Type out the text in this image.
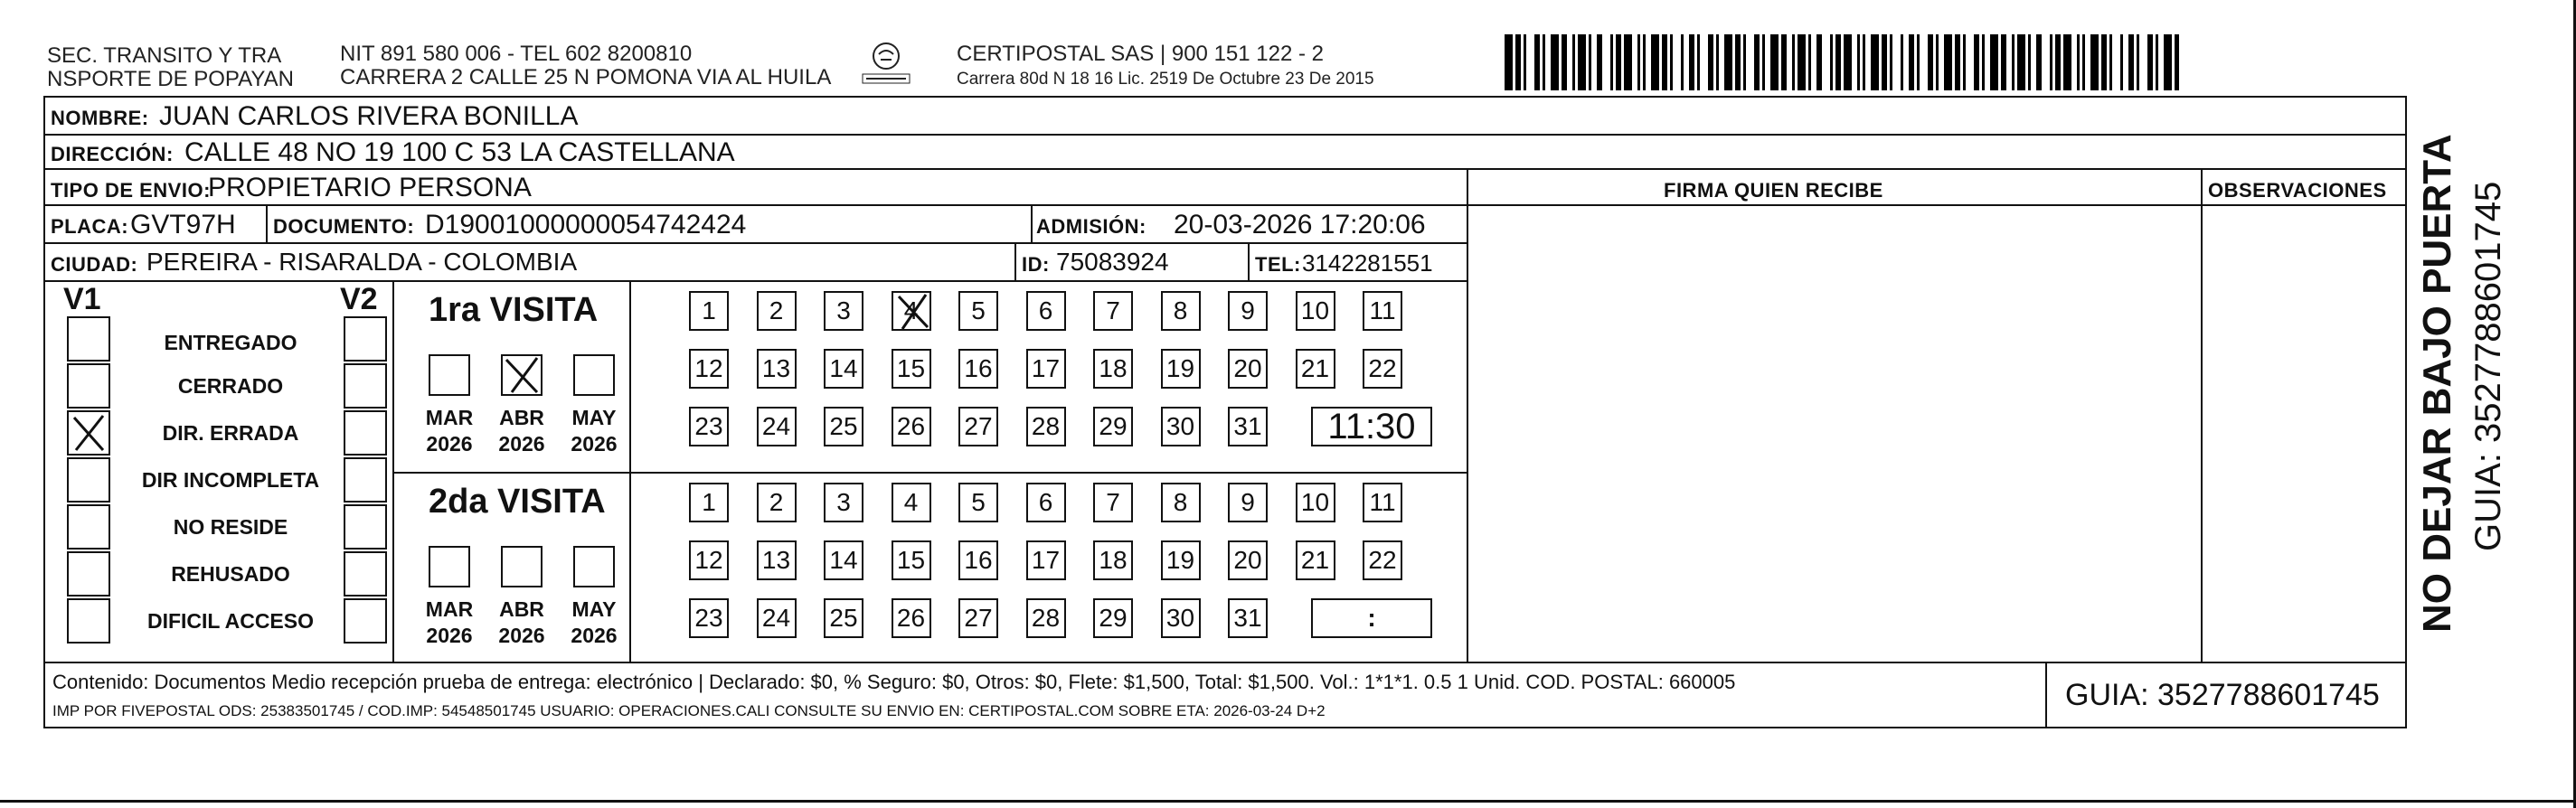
SEC. TRANSITO Y TRA
NSPORTE DE POPAYAN
NIT 891 580 006 - TEL 602 8200810
CARRERA 2 CALLE 25 N POMONA VIA AL HUILA
CERTIPOSTAL SAS | 900 151 122 - 2
Carrera 80d N 18 16 Lic. 2519 De Octubre 23 De 2015
NOMBRE: JUAN CARLOS RIVERA BONILLA
DIRECCIÓN: CALLE 48 NO 19 100 C 53 LA CASTELLANA
TIPO DE ENVIO:
PROPIETARIO PERSONA	FIRMA QUIEN RECIBE	OBSERVACIONES
PLACA: GVT97H DOCUMENTO: D19001000000054742424	ADMISIÓN: 20-03-2026 17:20:06
CIUDAD: PEREIRA - RISARALDA - COLOMBIA	ID: 75083924	TEL: 3142281551
V1	V2
ENTREGADO
CERRADO
DIR. ERRADA
DIR INCOMPLETA
NO RESIDE
REHUSADO
DIFICIL ACCESO
1ra VISITA
MAR
2026
ABR
2026
MAY
2026
1	2	3	4	5	6	7	8	9	10 11
12 13 14 15 16 17 18 19 20 21 22
23 24 25 26 27 28 29 30 31	11:30
2da VISITA
MAR
2026
ABR
2026
MAY
2026
1	2	3	4	5	6	7	8	9	10 11
12 13 14 15 16 17 18 19 20 21 22
23 24 25 26 27 28 29 30 31	:
Contenido: Documentos Medio recepción prueba de entrega: electrónico | Declarado: $0, % Seguro: $0, Otros: $0, Flete: $1,500, Total: $1,500. Vol.: 1*1*1. 0.5 1 Unid. COD. POSTAL: 660005
IMP POR FIVEPOSTAL ODS: 25383501745 / COD.IMP: 54548501745 USUARIO: OPERACIONES.CALI CONSULTE SU ENVIO EN: CERTIPOSTAL.COM SOBRE ETA: 2026-03-24 D+2	GUIA: 3527788601745
NO DEJAR BAJO PUERTA GUIA: 3527788601745
